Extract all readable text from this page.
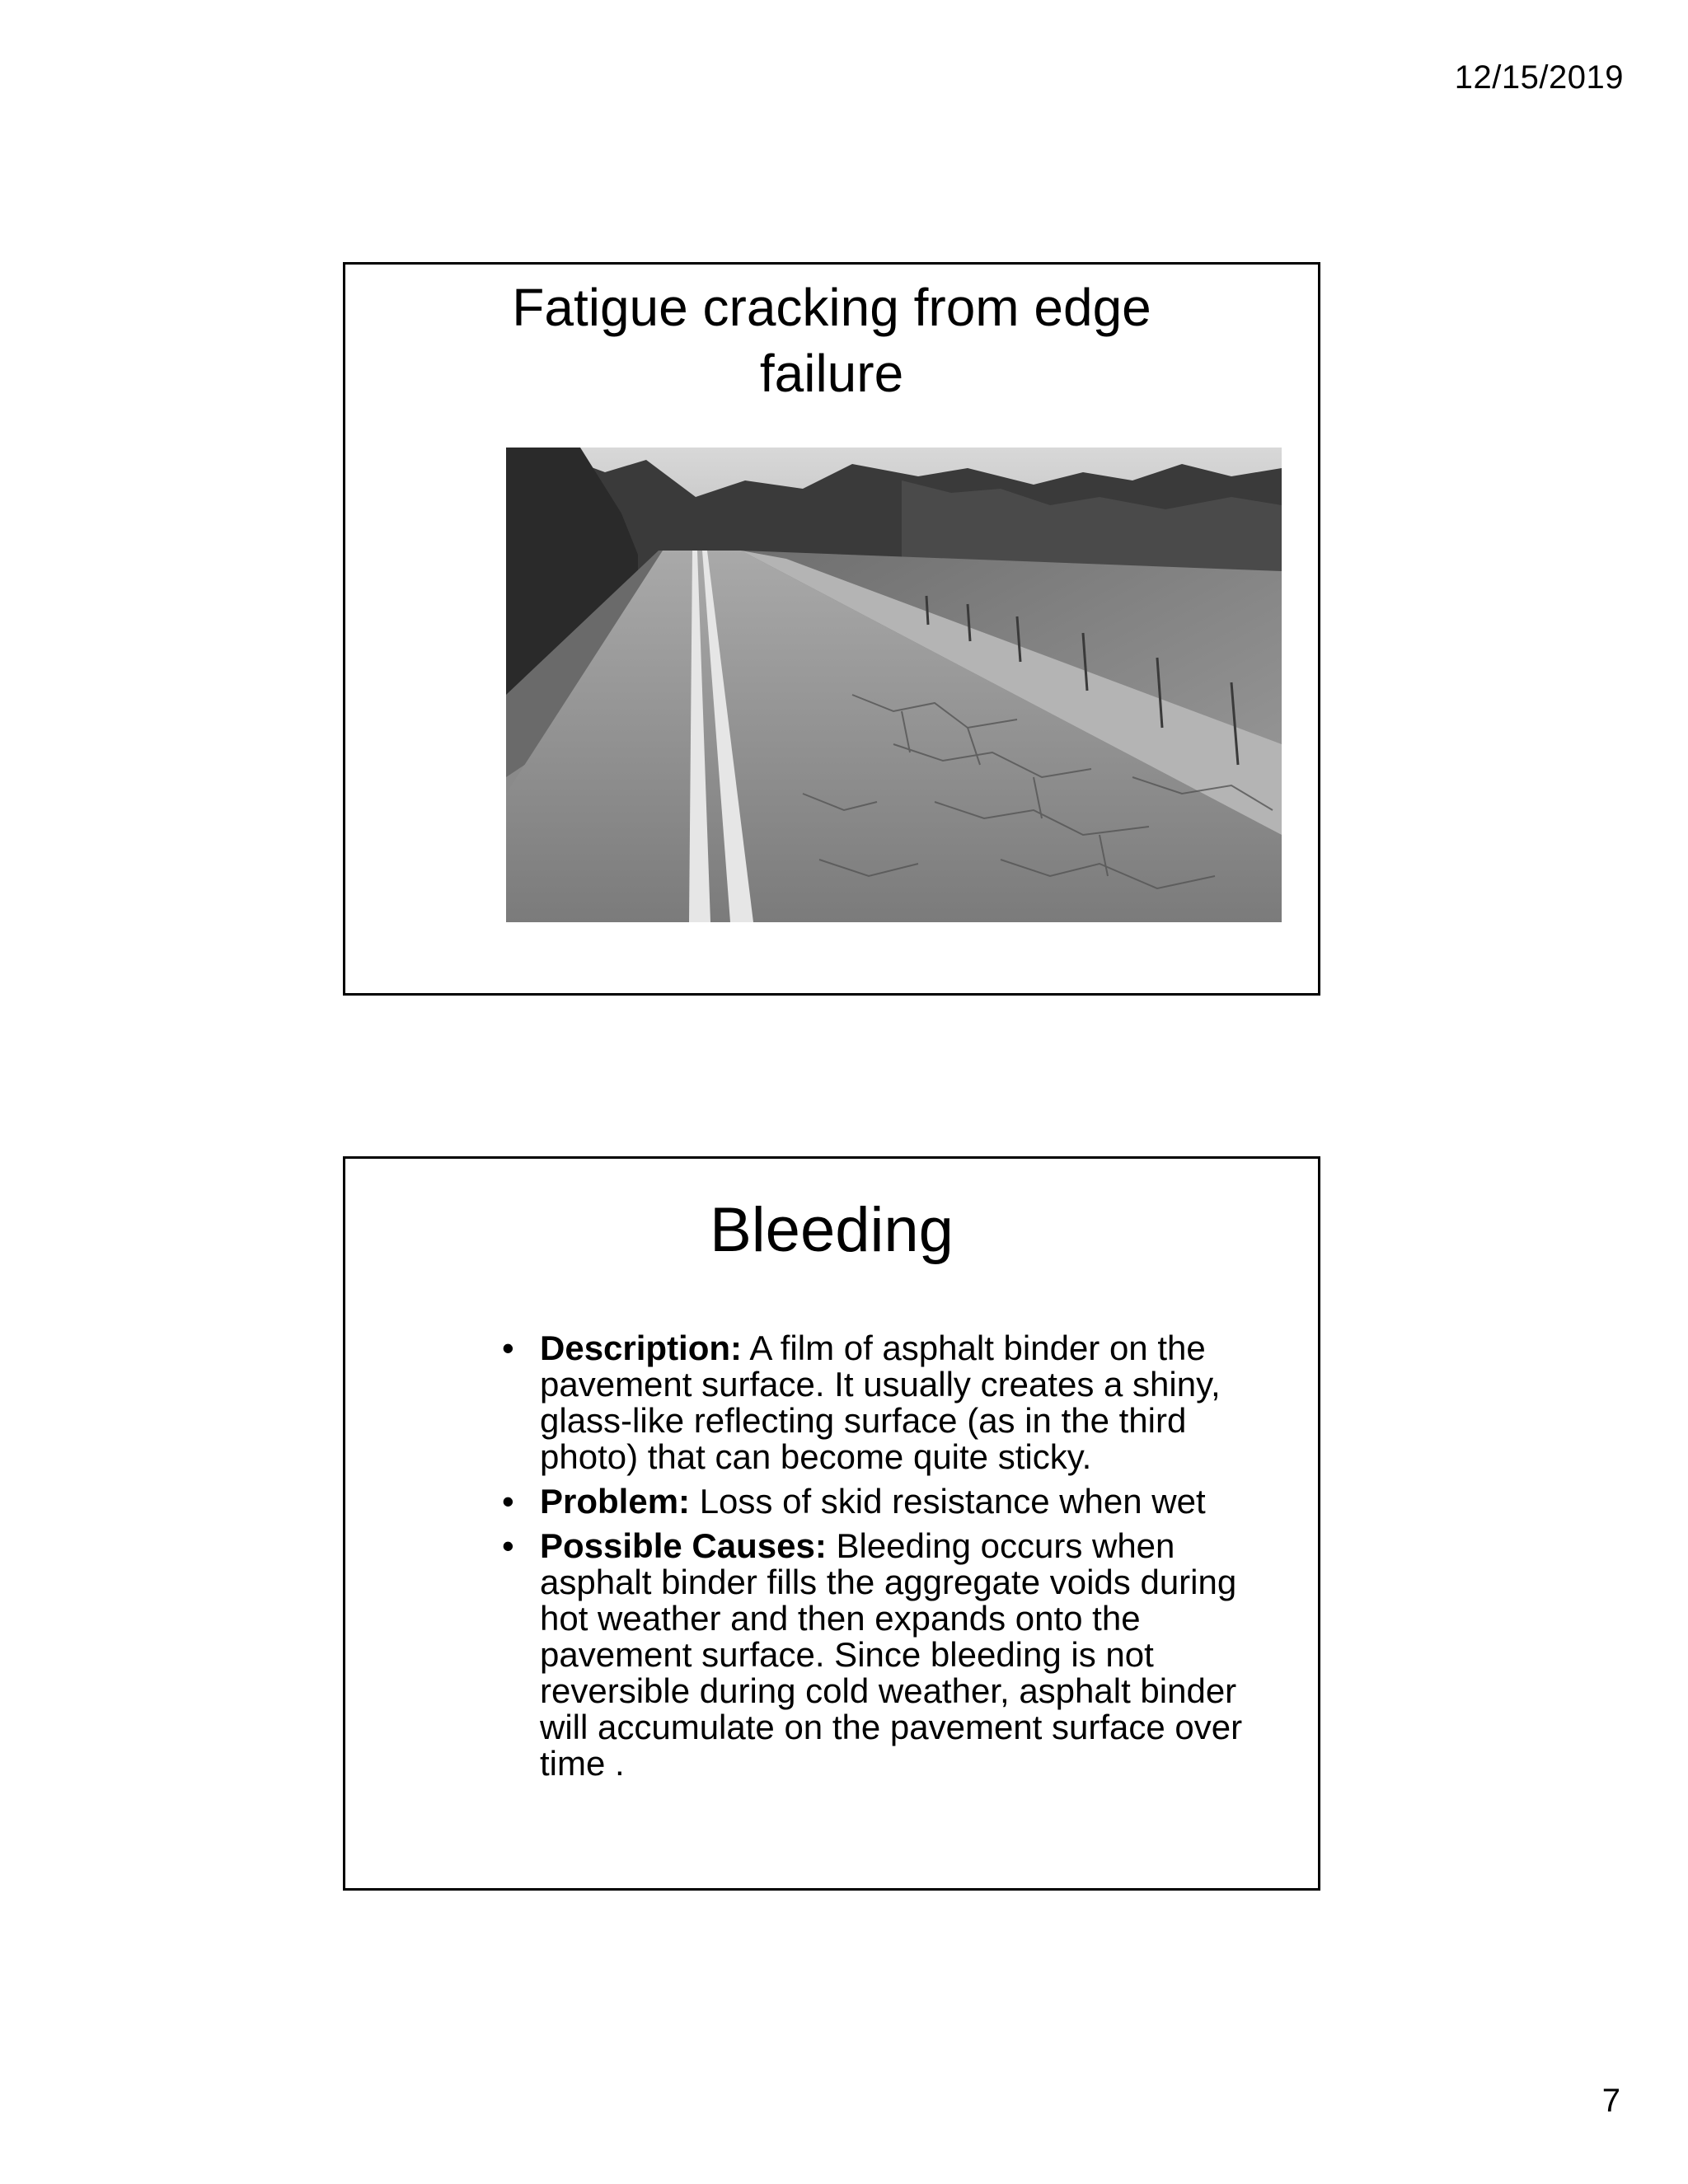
12/15/2019
Fatigue cracking from edge
failure
Bleeding
• Description: A film of asphalt binder on the pavement surface. It usually creates a shiny, glass-like reflecting surface (as in the third photo) that can become quite sticky.
• Problem: Loss of skid resistance when wet
• Possible Causes: Bleeding occurs when asphalt binder fills the aggregate voids during hot weather and then expands onto the pavement surface. Since bleeding is not reversible during cold weather, asphalt binder will accumulate on the pavement surface over time .
7
